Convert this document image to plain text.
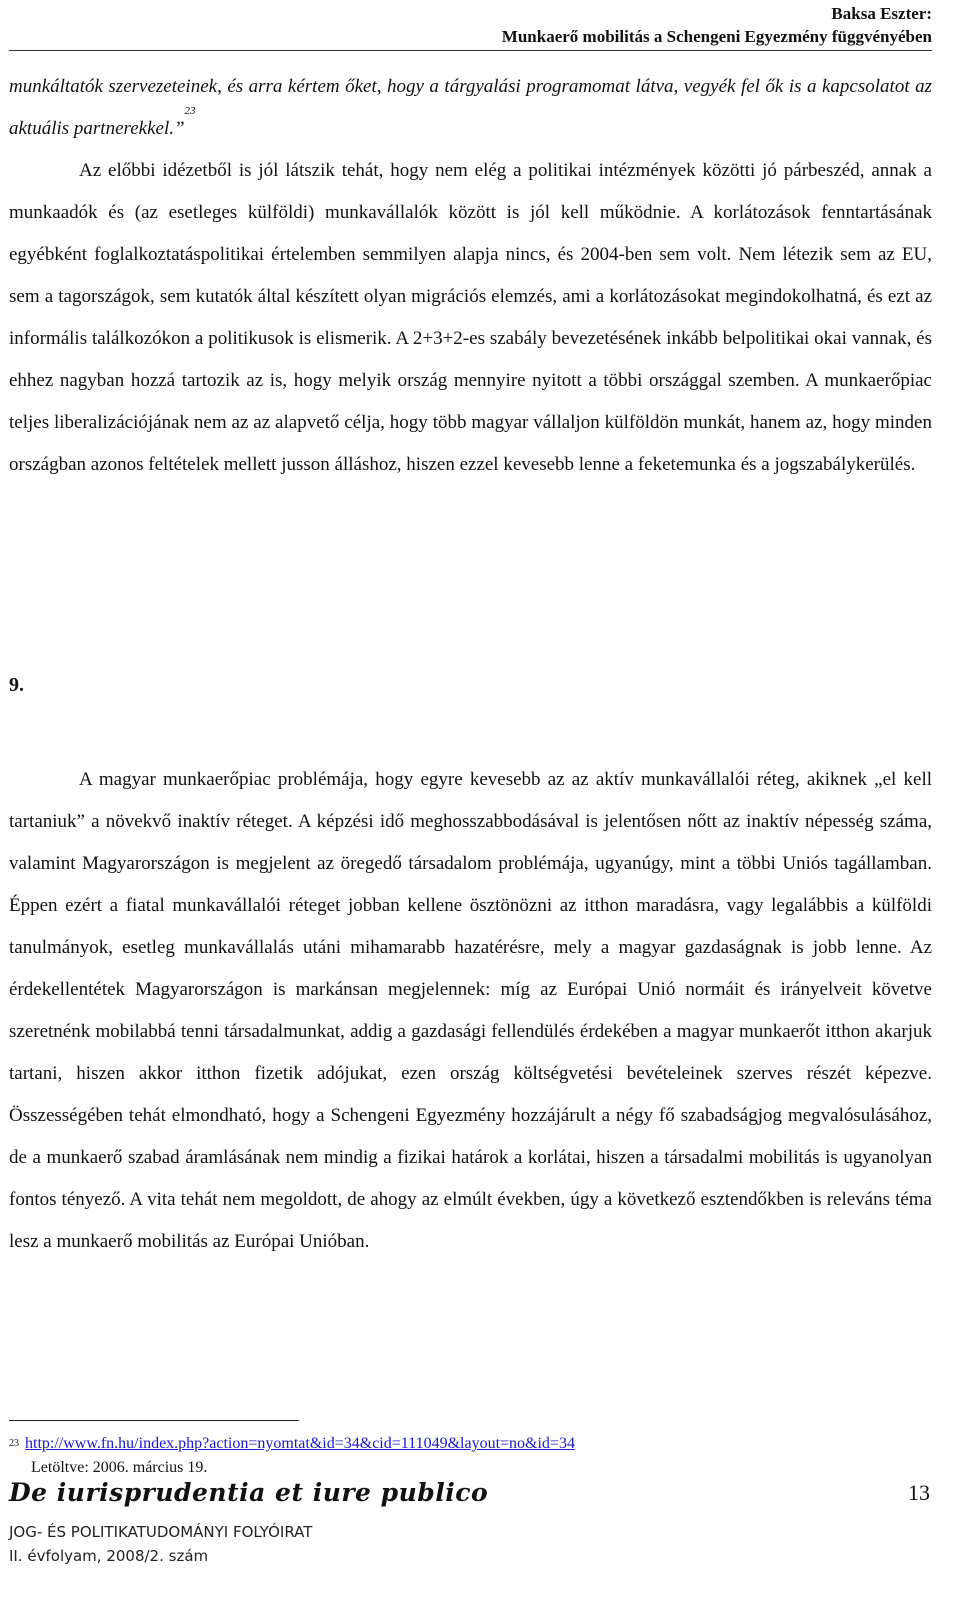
Baksa Eszter:
Munkaerő mobilitás a Schengeni Egyezmény függvényében

munkáltatók szervezeteinek, és arra kértem őket, hogy a tárgyalási programomat látva, vegyék fel ők is a kapcsolatot az aktuális partnerekkel.”$^{23}$

Az előbbi idézetből is jól látszik tehát, hogy nem elég a politikai intézmények közötti jó párbeszéd, annak a munkaadók és (az esetleges külföldi) munkavállalók között is jól kell működnie. A korlátozások fenntartásának egyébként foglalkoztatáspolitikai értelemben semmilyen alapja nincs, és 2004-ben sem volt. Nem létezik sem az EU, sem a tagországok, sem kutatók által készített olyan migrációs elemzés, ami a korlátozásokat megindokolhatná, és ezt az informális találkozókon a politikusok is elismerik. A 2+3+2-es szabály bevezetésének inkább belpolitikai okai vannak, és ehhez nagyban hozzá tartozik az is, hogy melyik ország mennyire nyitott a többi országgal szemben. A munkaerőpiac teljes liberalizációjának nem az az alapvető célja, hogy több magyar vállaljon külföldön munkát, hanem az, hogy minden országban azonos feltételek mellett jusson álláshoz, hiszen ezzel kevesebb lenne a feketemunka és a jogszabálykerülés.

9.

A magyar munkaerőpiac problémája, hogy egyre kevesebb az az aktív munkavállalói réteg, akiknek „el kell tartaniuk” a növekvő inaktív réteget. A képzési idő meghosszabbodásával is jelentősen nőtt az inaktív népesség száma, valamint Magyarországon is megjelent az öregedő társadalom problémája, ugyanúgy, mint a többi Uniós tagállamban. Éppen ezért a fiatal munkavállalói réteget jobban kellene ösztönözni az itthon maradásra, vagy legalábbis a külföldi tanulmányok, esetleg munkavállalás utáni mihamarabb hazatérésre, mely a magyar gazdaságnak is jobb lenne. Az érdekellentétek Magyarországon is markánsan megjelennek: míg az Európai Unió normáit és irányelveit követve szeretnénk mobilabbá tenni társadalmunkat, addig a gazdasági fellendülés érdekében a magyar munkaerőt itthon akarjuk tartani, hiszen akkor itthon fizetik adójukat, ezen ország költségvetési bevételeinek szerves részét képezve. Összességében tehát elmondható, hogy a Schengeni Egyezmény hozzájárult a négy fő szabadságjog megvalósulásához, de a munkaerő szabad áramlásának nem mindig a fizikai határok a korlátai, hiszen a társadalmi mobilitás is ugyanolyan fontos tényező. A vita tehát nem megoldott, de ahogy az elmúlt években, úgy a következő esztendőkben is releváns téma lesz a munkaerő mobilitás az Európai Unióban.

$^{23}$ http://www.fn.hu/index.php?action=nyomtat&id=34&cid=111049&layout=no&id=34
Letöltve: 2006. március 19.
De iurisprudentia et iure publico	13
JOG- ÉS POLITIKATUDOMÁNYI FOLYÓIRAT
II. évfolyam, 2008/2. szám
